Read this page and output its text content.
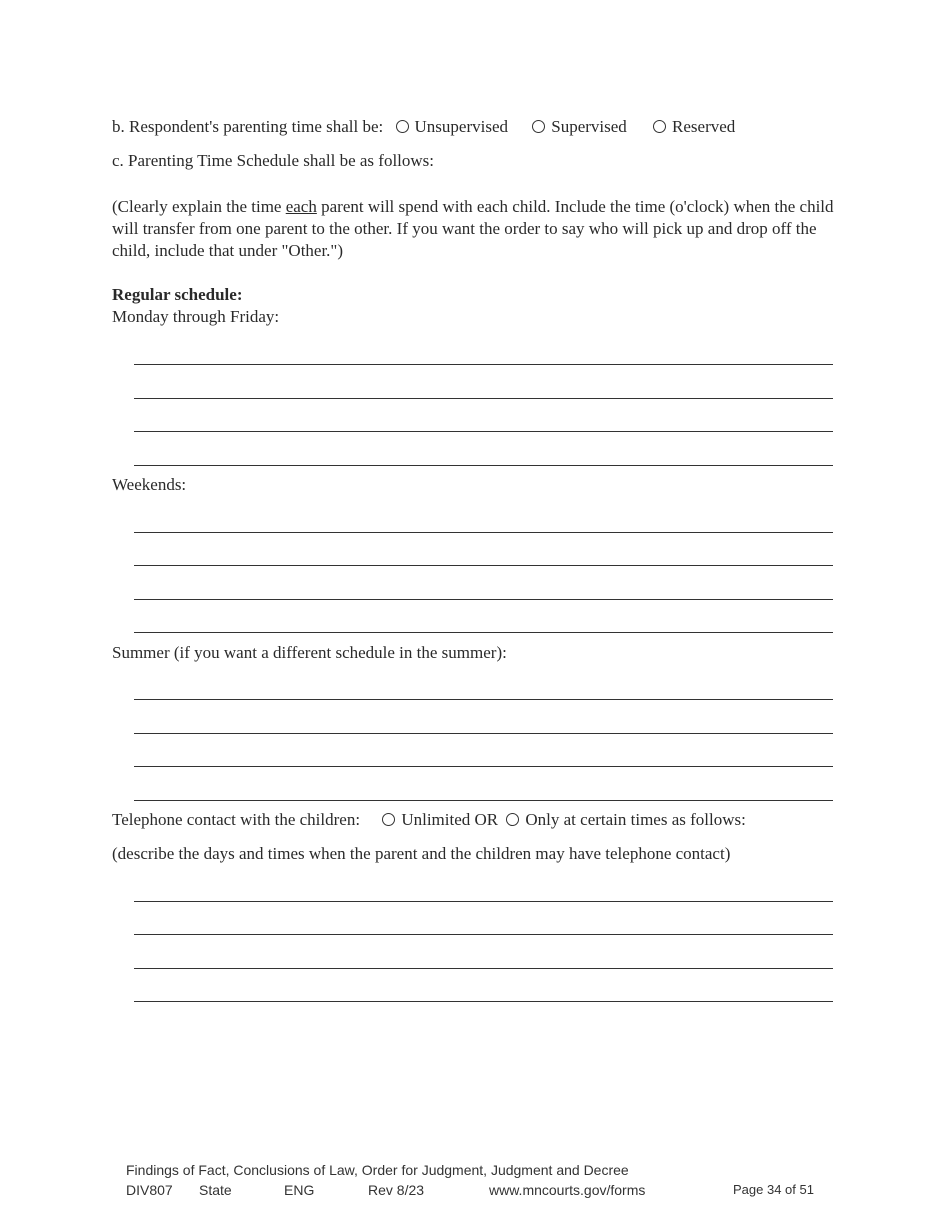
b. Respondent's parenting time shall be: Unsupervised	Supervised	Reserved
c. Parenting Time Schedule shall be as follows:
(Clearly explain the time each parent will spend with each child. Include the time (o'clock) when the child will transfer from one parent to the other. If you want the order to say who will pick up and drop off the child, include that under "Other.")
Regular schedule:
Monday through Friday:
Weekends:
Summer (if you want a different schedule in the summer):
Telephone contact with the children: Unlimited OR Only at certain times as follows:
(describe the days and times when the parent and the children may have telephone contact)
Findings of Fact, Conclusions of Law, Order for Judgment, Judgment and Decree
DIV807 State	ENG	Rev 8/23	www.mncourts.gov/forms	Page 34 of 51
